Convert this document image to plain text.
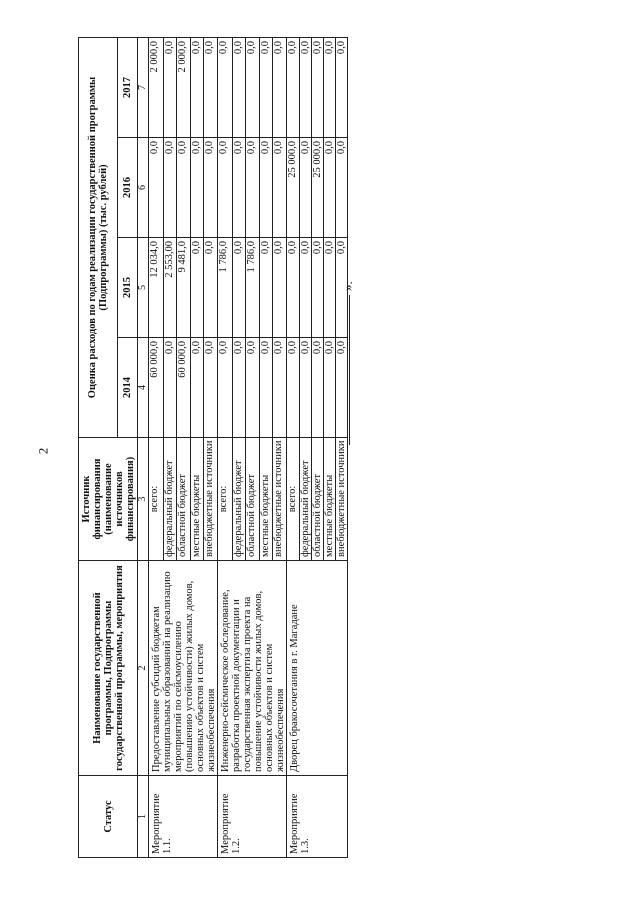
2
».
Статус	Наименование государственной программы, Подпрограммы государственной программы, мероприятия	Источник финансирования (наименование источников финансирования)	Оценка расходов по годам реализации государственной программы (Подпрограммы) (тыс. рублей)			
			2014	2015	2016	2017
1	2	3	4	5	6	7
Мероприятие 1.1.	Предоставление субсидий бюджетам муниципальных образований на реализацию мероприятий по сейсмоусилению (повышению устойчивости) жилых домов, основных объектов и систем жизнеобеспечения	всего:	60 000,0	12 034,0	0,0	2 000,0
		федеральный бюджет	0,0	2 553,00	0,0	0,0
		областной бюджет	60 000,0	9 481,0	0,0	2 000,0
		местные бюджеты	0,0	0,0	0,0	0,0
		внебюджетные источники	0,0	0,0	0,0	0,0
Мероприятие 1.2.	Инженерно-сейсмическое обследование, разработка проектной документации и государственная экспертиза проекта на повышение устойчивости жилых домов, основных объектов и систем жизнеобеспечения	всего:	0,0	1 786,0	0,0	0,0
		федеральный бюджет	0,0	0,0	0,0	0,0
		областной бюджет	0,0	1 786,0	0,0	0,0
		местные бюджеты	0,0	0,0	0,0	0,0
		внебюджетные источники	0,0	0,0	0,0	0,0
Мероприятие 1.3.	Дворец бракосочетания в г. Магадане	всего:	0,0	0,0	25 000,0	0,0
		федеральный бюджет	0,0	0,0	0,0	0,0
		областной бюджет	0,0	0,0	25 000,0	0,0
		местные бюджеты	0,0	0,0	0,0	0,0
		внебюджетные источники	0,0	0,0	0,0	0,0
